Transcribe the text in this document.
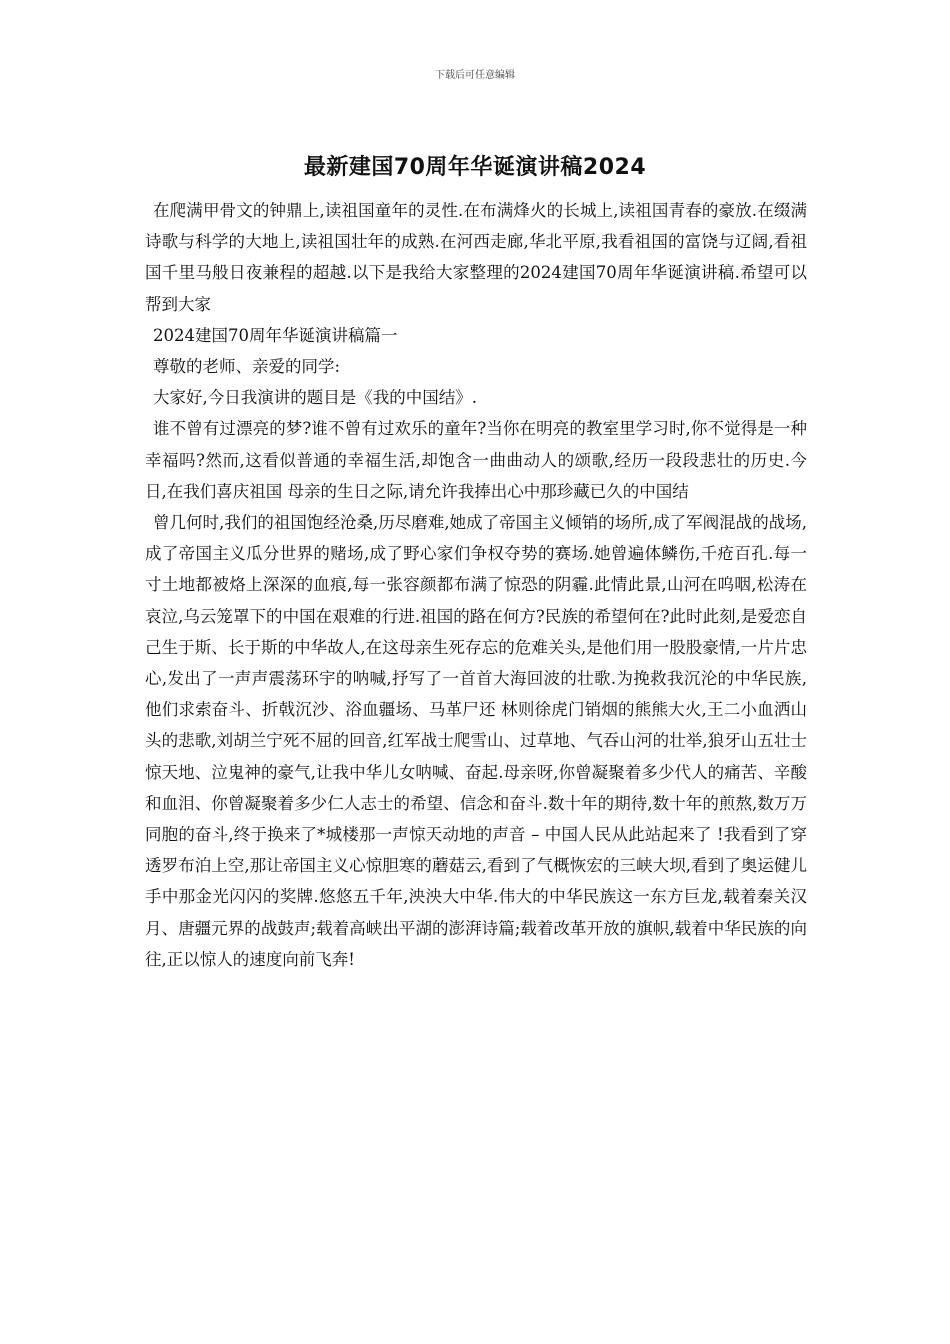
下载后可任意编辑
最新建国70周年华诞演讲稿2024

在爬满甲骨文的钟鼎上,读祖国童年的灵性.在布满烽火的长城上,读祖国青春的豪放.在缀满诗歌与科学的大地上,读祖国壮年的成熟.在河西走廊,华北平原,我看祖国的富饶与辽阔,看祖国千里马般日夜兼程的超越.以下是我给大家整理的2024建国70周年华诞演讲稿.希望可以帮到大家

2024建国70周年华诞演讲稿篇一

尊敬的老师、亲爱的同学:

大家好,今日我演讲的题目是《我的中国结》.

谁不曾有过漂亮的梦?谁不曾有过欢乐的童年?当你在明亮的教室里学习时,你不觉得是一种幸福吗?然而,这看似普通的幸福生活,却饱含一曲曲动人的颂歌,经历一段段悲壮的历史.今日,在我们喜庆祖国 母亲的生日之际,请允许我捧出心中那珍藏已久的中国结

曾几何时,我们的祖国饱经沧桑,历尽磨难,她成了帝国主义倾销的场所,成了军阀混战的战场,成了帝国主义瓜分世界的赌场,成了野心家们争权夺势的赛场.她曾遍体鳞伤,千疮百孔.每一寸土地都被烙上深深的血痕,每一张容颜都布满了惊恐的阴霾.此情此景,山河在呜咽,松涛在哀泣,乌云笼罩下的中国在艰难的行进.祖国的路在何方?民族的希望何在?此时此刻,是爱恋自己生于斯、长于斯的中华故人,在这母亲生死存忘的危难关头,是他们用一股股豪情,一片片忠心,发出了一声声震荡环宇的呐喊,抒写了一首首大海回波的壮歌.为挽救我沉沦的中华民族,他们求索奋斗、折戟沉沙、浴血疆场、马革尸还 林则徐虎门销烟的熊熊大火,王二小血洒山头的悲歌,刘胡兰宁死不屈的回音,红军战士爬雪山、过草地、气吞山河的壮举,狼牙山五壮士惊天地、泣鬼神的豪气,让我中华儿女呐喊、奋起.母亲呀,你曾凝聚着多少代人的痛苦、辛酸和血泪、你曾凝聚着多少仁人志士的希望、信念和奋斗.数十年的期待,数十年的煎熬,数万万同胞的奋斗,终于换来了*城楼那一声惊天动地的声音 – 中国人民从此站起来了 !我看到了穿透罗布泊上空,那让帝国主义心惊胆寒的蘑菇云,看到了气概恢宏的三峡大坝,看到了奥运健儿手中那金光闪闪的奖牌.悠悠五千年,泱泱大中华.伟大的中华民族这一东方巨龙,载着秦关汉月、唐疆元界的战鼓声;载着高峡出平湖的澎湃诗篇;载着改革开放的旗帜,载着中华民族的向往,正以惊人的速度向前飞奔!
